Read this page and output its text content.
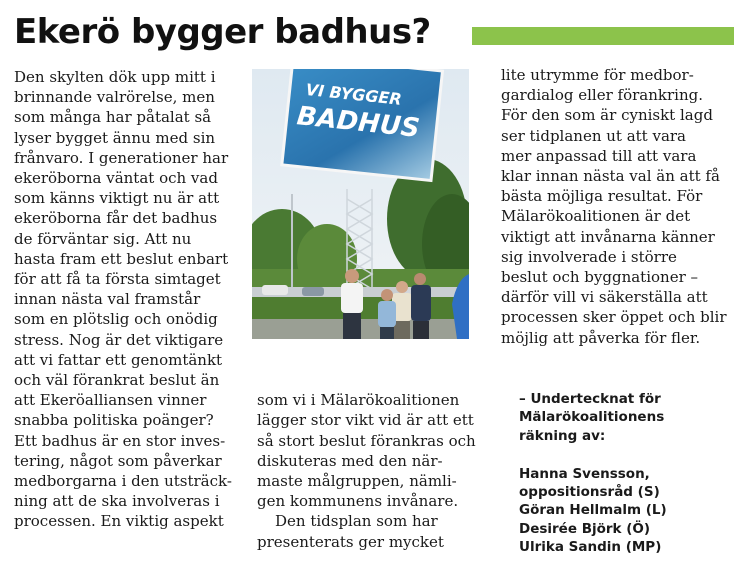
Ekerö bygger badhus?

Den skylten dök upp mitt i
brinnande valrörelse, men
som många har påtalat så
lyser bygget ännu med sin
frånvaro. I generationer har
ekeröborna väntat och vad
som känns viktigt nu är att
ekeröborna får det badhus
de förväntar sig. Att nu
hasta fram ett beslut enbart
för att få ta första simtaget
innan nästa val framstår
som en plötslig och onödig
stress. Nog är det viktigare
att vi fattar ett genomtänkt
och väl förankrat beslut än
att Ekeröalliansen vinner
snabba politiska poänger?
Ett badhus är en stor inves-
tering, något som påverkar
medborgarna i den utsträck-
ning att de ska involveras i
processen. En viktig aspekt

VI BYGGER
BADHUS

som vi i Mälarökoalitionen
lägger stor vikt vid är att ett
så stort beslut förankras och
diskuteras med den när-
maste målgruppen, nämli-
gen kommunens invånare.
Den tidsplan som har
presenterats ger mycket

lite utrymme för medbor-
gardialog eller förankring.
För den som är cyniskt lagd
ser tidplanen ut att vara
mer anpassad till att vara
klar innan nästa val än att få
bästa möjliga resultat. För
Mälarökoalitionen är det
viktigt att invånarna känner
sig involverade i större
beslut och byggnationer –
därför vill vi säkerställa att
processen sker öppet och blir
möjlig att påverka för fler.

– Undertecknat för
Mälarökoalitionens
räkning av:

Hanna Svensson,
oppositionsråd (S)
Göran Hellmalm (L)
Desirée Björk (Ö)
Ulrika Sandin (MP)
